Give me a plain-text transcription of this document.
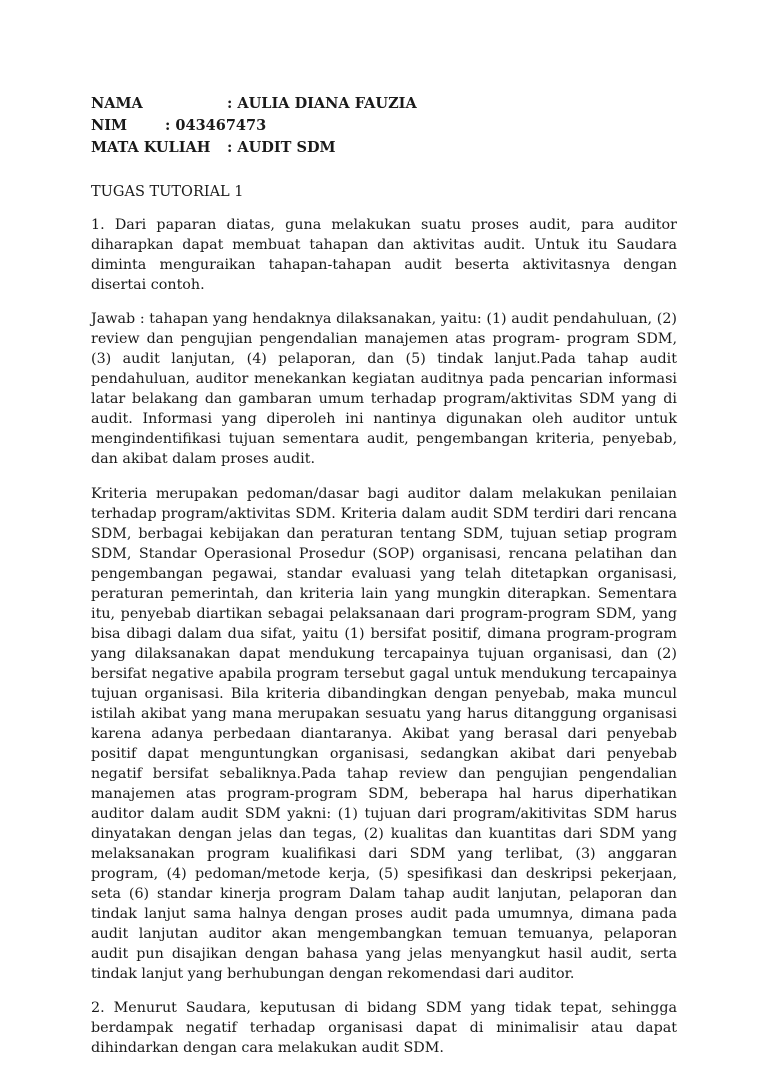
NAMA	: AULIA DIANA FAUZIA
NIM	: 043467473
MATA KULIAH	: AUDIT SDM
TUGAS TUTORIAL 1

1. Dari paparan diatas, guna melakukan suatu proses audit, para auditor diharapkan dapat membuat tahapan dan aktivitas audit. Untuk itu Saudara diminta menguraikan tahapan-tahapan audit beserta aktivitasnya dengan disertai contoh.

Jawab : tahapan yang hendaknya dilaksanakan, yaitu: (1) audit pendahuluan, (2) review dan pengujian pengendalian manajemen atas program- program SDM, (3) audit lanjutan, (4) pelaporan, dan (5) tindak lanjut.Pada tahap audit pendahuluan, auditor menekankan kegiatan auditnya pada pencarian informasi latar belakang dan gambaran umum terhadap program/aktivitas SDM yang di audit. Informasi yang diperoleh ini nantinya digunakan oleh auditor untuk mengindentifikasi tujuan sementara audit, pengembangan kriteria, penyebab, dan akibat dalam proses audit.

Kriteria merupakan pedoman/dasar bagi auditor dalam melakukan penilaian terhadap program/aktivitas SDM. Kriteria dalam audit SDM terdiri dari rencana SDM, berbagai kebijakan dan peraturan tentang SDM, tujuan setiap program SDM, Standar Operasional Prosedur (SOP) organisasi, rencana pelatihan dan pengembangan pegawai, standar evaluasi yang telah ditetapkan organisasi, peraturan pemerintah, dan kriteria lain yang mungkin diterapkan. Sementara itu, penyebab diartikan sebagai pelaksanaan dari program-program SDM, yang bisa dibagi dalam dua sifat, yaitu (1) bersifat positif, dimana program-program yang dilaksanakan dapat mendukung tercapainya tujuan organisasi, dan (2) bersifat negative apabila program tersebut gagal untuk mendukung tercapainya tujuan organisasi. Bila kriteria dibandingkan dengan penyebab, maka muncul istilah akibat yang mana merupakan sesuatu yang harus ditanggung organisasi karena adanya perbedaan diantaranya. Akibat yang berasal dari penyebab positif dapat menguntungkan organisasi, sedangkan akibat dari penyebab negatif bersifat sebaliknya.Pada tahap review dan pengujian pengendalian manajemen atas program-program SDM, beberapa hal harus diperhatikan auditor dalam audit SDM yakni: (1) tujuan dari program/akitivitas SDM harus dinyatakan dengan jelas dan tegas, (2) kualitas dan kuantitas dari SDM yang melaksanakan program kualifikasi dari SDM yang terlibat, (3) anggaran program, (4) pedoman/metode kerja, (5) spesifikasi dan deskripsi pekerjaan, seta (6) standar kinerja program Dalam tahap audit lanjutan, pelaporan dan tindak lanjut sama halnya dengan proses audit pada umumnya, dimana pada audit lanjutan auditor akan mengembangkan temuan temuanya, pelaporan audit pun disajikan dengan bahasa yang jelas menyangkut hasil audit, serta tindak lanjut yang berhubungan dengan rekomendasi dari auditor.

2. Menurut Saudara, keputusan di bidang SDM yang tidak tepat, sehingga berdampak negatif terhadap organisasi dapat di minimalisir atau dapat dihindarkan dengan cara melakukan audit SDM.
